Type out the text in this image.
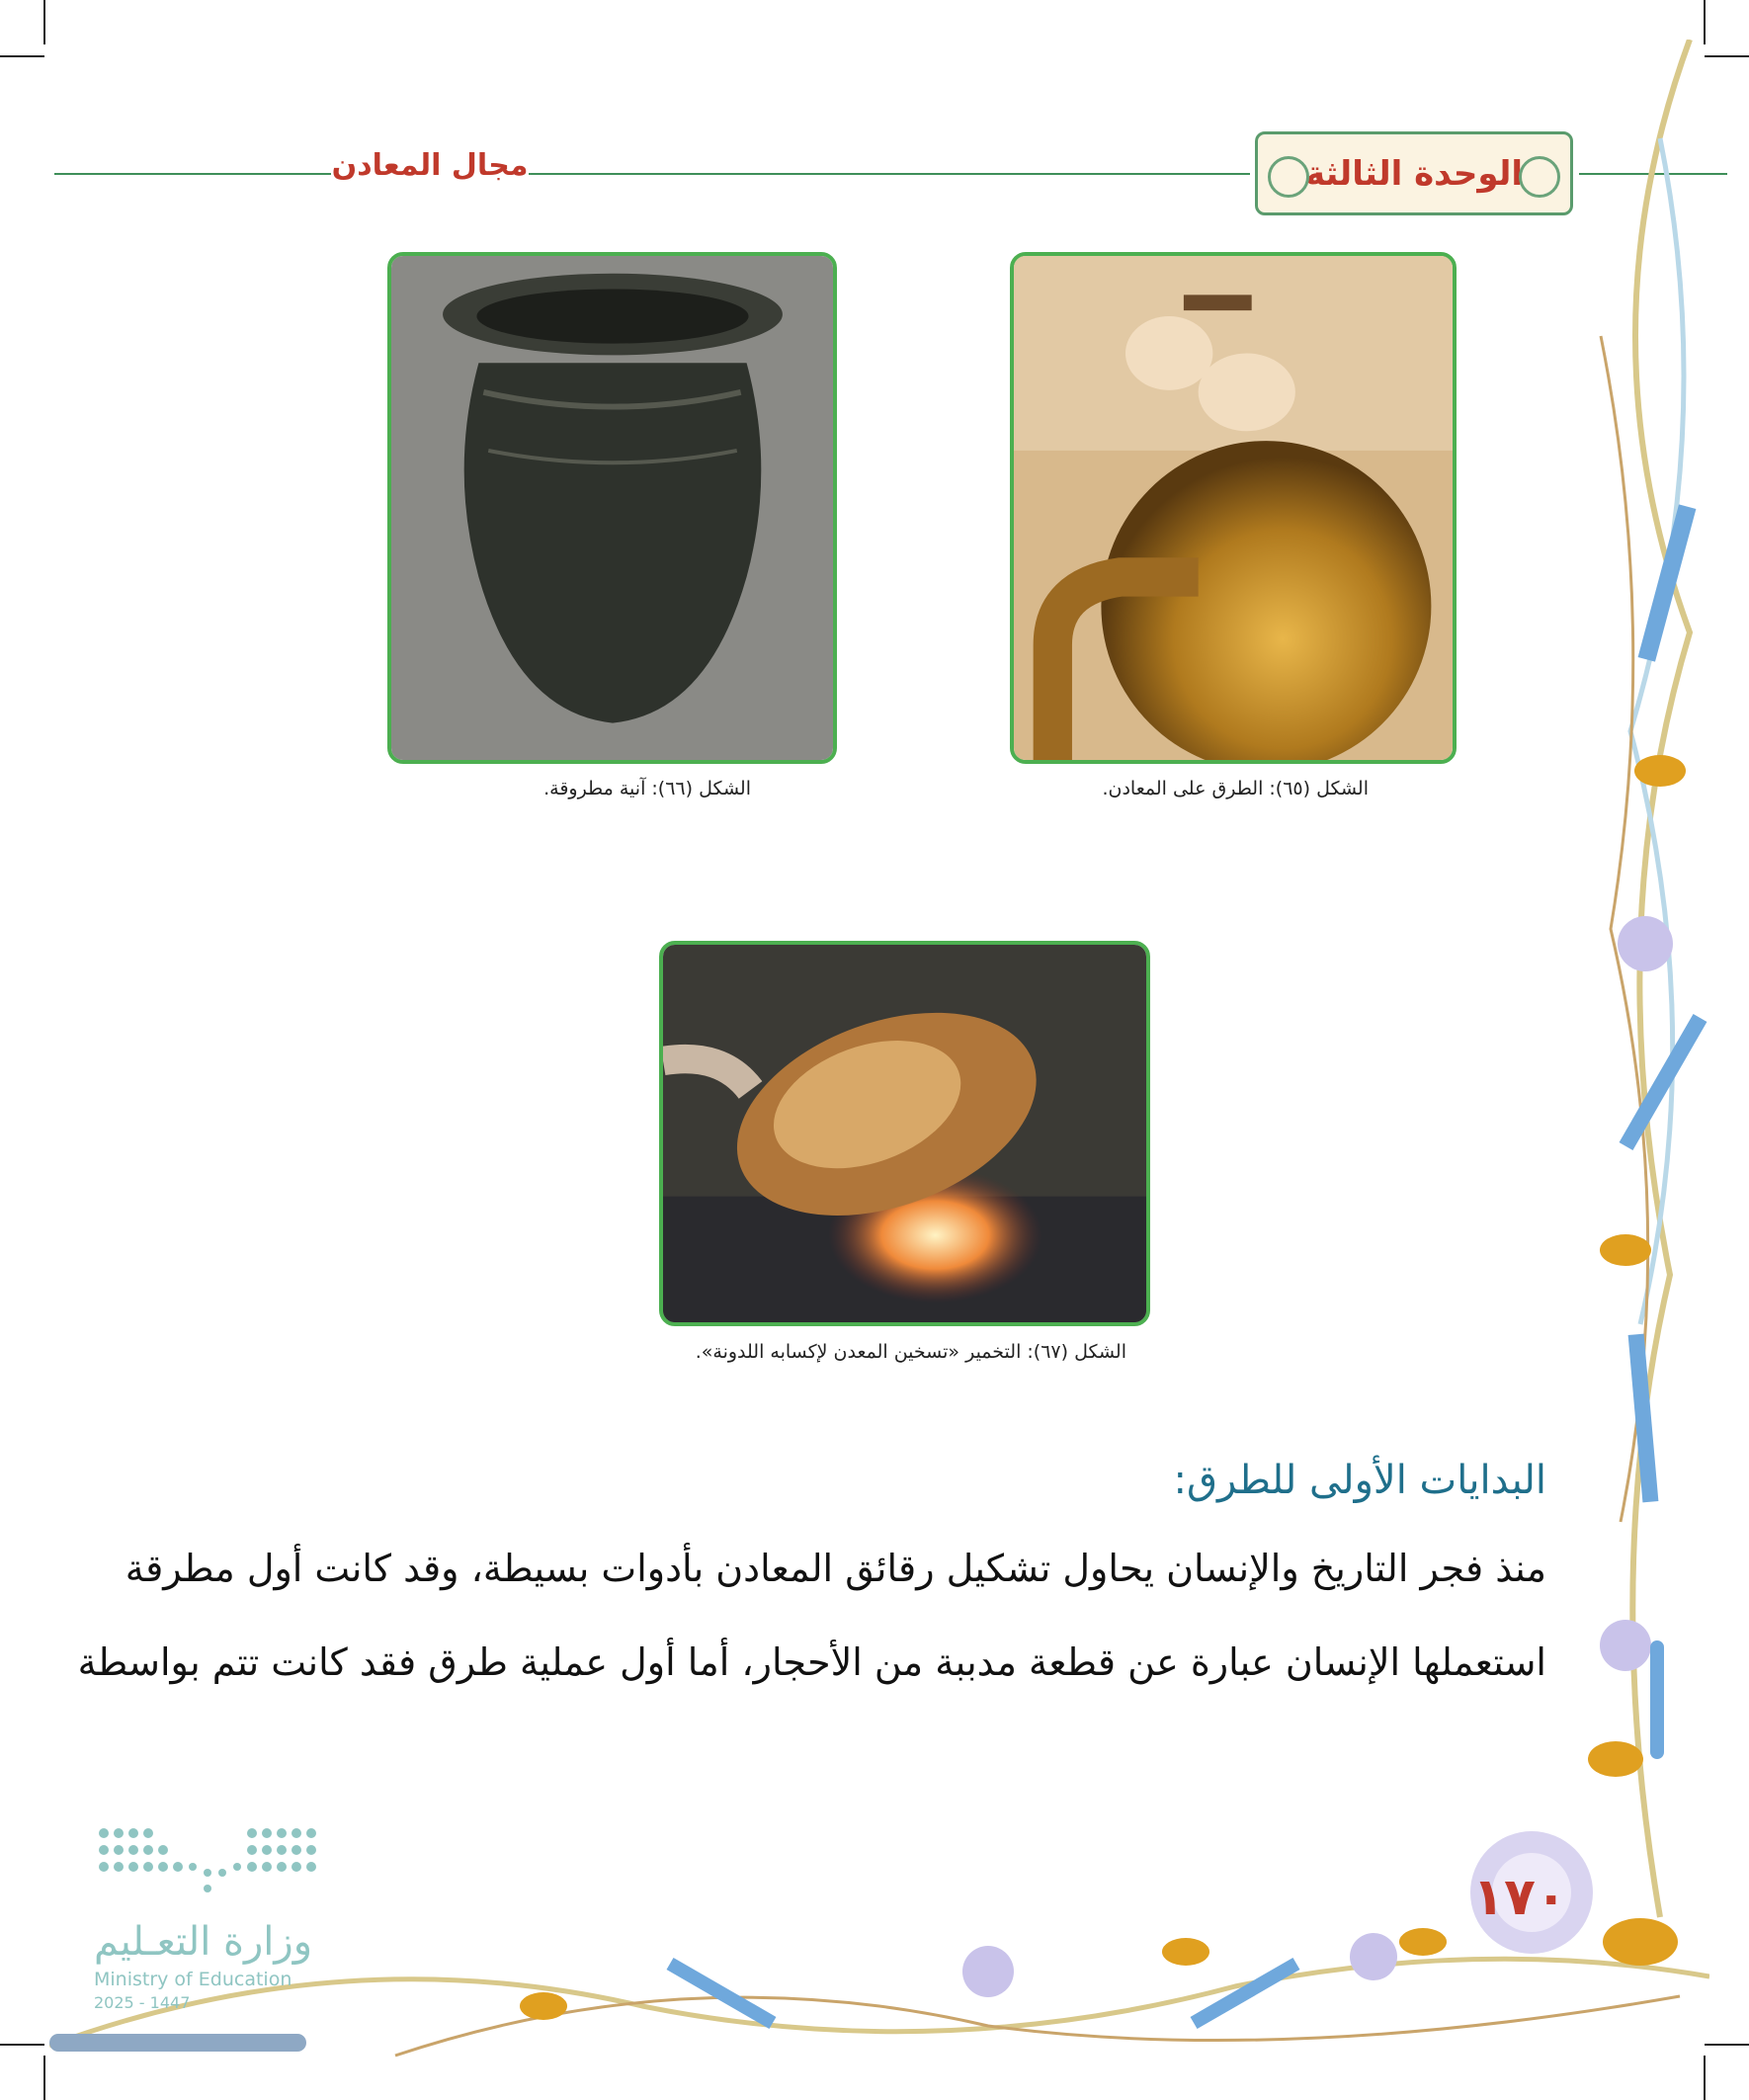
مجال المعادن	الوحدة الثالثة
الشكل (٦٥): الطرق على المعادن.
الشكل (٦٦): آنية مطروقة.
الشكل (٦٧): التخمير «تسخين المعدن لإكسابه اللدونة».
البدايات الأولى للطرق:
منذ فجر التاريخ والإنسان يحاول تشكيل رقائق المعادن بأدوات بسيطة، وقد كانت أول مطرقة
استعملها الإنسان عبارة عن قطعة مدببة من الأحجار، أما أول عملية طرق فقد كانت تتم بواسطة
١٧٠
وزارة التعـليم
Ministry of Education
2025 - 1447
